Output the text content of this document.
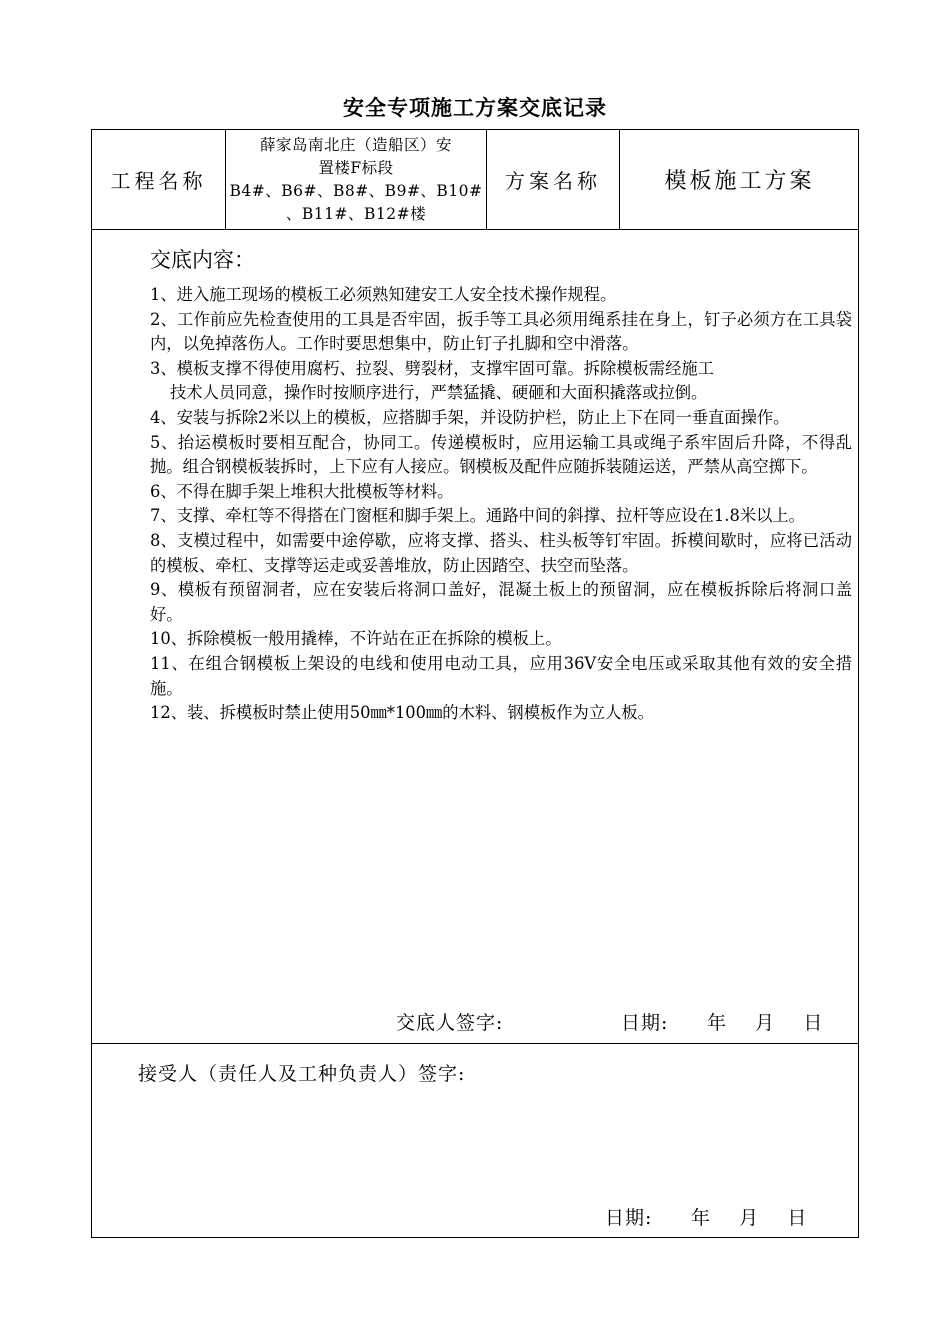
安全专项施工方案交底记录
工程名称
薛家岛南北庄（造船区）安
置楼F标段
B4#、B6#、B8#、B9#、B10#
、B11#、B12#楼
方案名称	模板施工方案
交底内容：
1、进入施工现场的模板工必须熟知建安工人安全技术操作规程。
2、工作前应先检查使用的工具是否牢固，扳手等工具必须用绳系挂在身上，钉子必须方在工具袋内，以免掉落伤人。工作时要思想集中，防止钉子扎脚和空中滑落。
3、模板支撑不得使用腐朽、拉裂、劈裂材，支撑牢固可靠。拆除模板需经施工
技术人员同意，操作时按顺序进行，严禁猛撬、硬砸和大面积撬落或拉倒。
4、安装与拆除2米以上的模板，应搭脚手架，并设防护栏，防止上下在同一垂直面操作。
5、抬运模板时要相互配合，协同工。传递模板时，应用运输工具或绳子系牢固后升降，不得乱抛。组合钢模板装拆时，上下应有人接应。钢模板及配件应随拆装随运送，严禁从高空掷下。
6、不得在脚手架上堆积大批模板等材料。
7、支撑、牵杠等不得搭在门窗框和脚手架上。通路中间的斜撑、拉杆等应设在1.8米以上。
8、支模过程中，如需要中途停歇，应将支撑、搭头、柱头板等钉牢固。拆模间歇时，应将已活动的模板、牵杠、支撑等运走或妥善堆放，防止因踏空、扶空而坠落。
9、模板有预留洞者，应在安装后将洞口盖好，混凝土板上的预留洞，应在模板拆除后将洞口盖好。
10、拆除模板一般用撬棒，不许站在正在拆除的模板上。
11、在组合钢模板上架设的电线和使用电动工具，应用36V安全电压或采取其他有效的安全措施。
12、装、拆模板时禁止使用50㎜*100㎜的木料、钢模板作为立人板。
交底人签字:	日期: 年    月    日
接受人（责任人及工种负责人）签字:
日期: 年    月    日
